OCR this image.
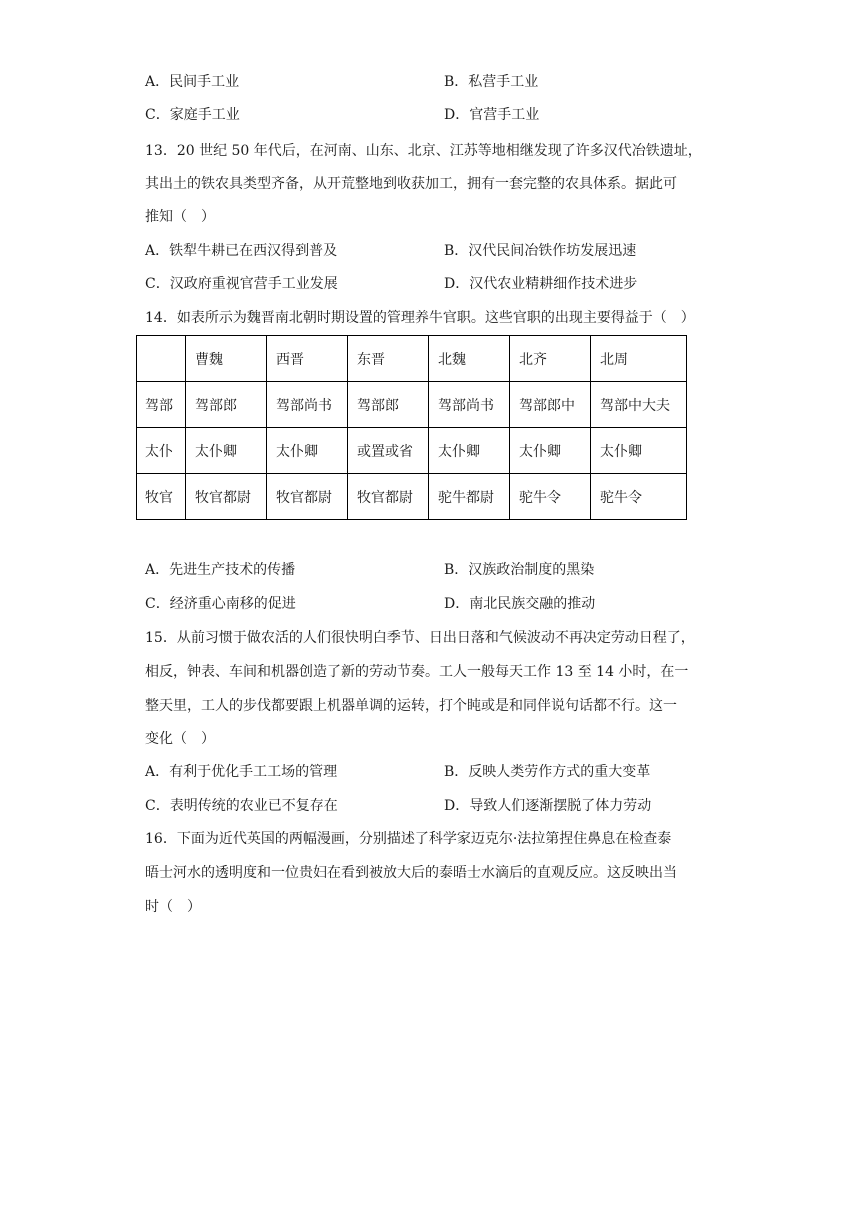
A．民间手工业	B．私营手工业
C．家庭手工业	D．官营手工业
13．20 世纪 50 年代后，在河南、山东、北京、江苏等地相继发现了许多汉代冶铁遗址，
其出土的铁农具类型齐备，从开荒整地到收获加工，拥有一套完整的农具体系。据此可
推知（　）
A．铁犁牛耕已在西汉得到普及	B．汉代民间冶铁作坊发展迅速
C．汉政府重视官营手工业发展	D．汉代农业精耕细作技术进步
14．如表所示为魏晋南北朝时期设置的管理养牛官职。这些官职的出现主要得益于（　）
	曹魏	西晋	东晋	北魏	北齐	北周
驾部	驾部郎	驾部尚书	驾部郎	驾部尚书	驾部郎中	驾部中大夫
太仆	太仆卿	太仆卿	或置或省	太仆卿	太仆卿	太仆卿
牧官	牧官都尉	牧官都尉	牧官都尉	驼牛都尉	驼牛令	驼牛令
A．先进生产技术的传播	B．汉族政治制度的黑染
C．经济重心南移的促进	D．南北民族交融的推动
15．从前习惯于做农活的人们很快明白季节、日出日落和气候波动不再决定劳动日程了，
相反，钟表、车间和机器创造了新的劳动节奏。工人一般每天工作 13 至 14 小时，在一
整天里，工人的步伐都要跟上机器单调的运转，打个盹或是和同伴说句话都不行。这一
变化（　）
A．有利于优化手工工场的管理	B．反映人类劳作方式的重大变革
C．表明传统的农业已不复存在	D．导致人们逐渐摆脱了体力劳动
16．下面为近代英国的两幅漫画，分别描述了科学家迈克尔·法拉第捏住鼻息在检查泰
晤士河水的透明度和一位贵妇在看到被放大后的泰晤士水滴后的直观反应。这反映出当
时（　）
